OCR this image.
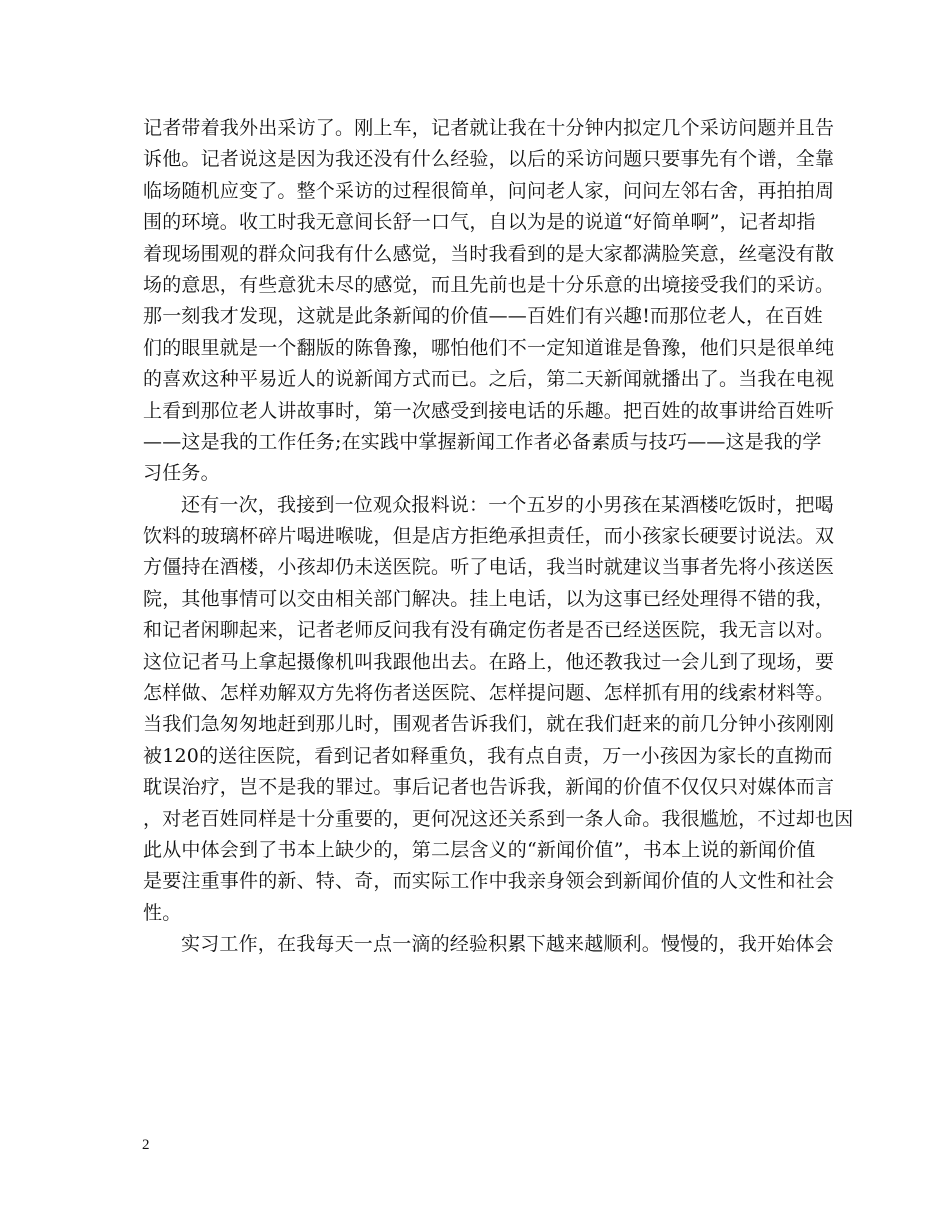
记者带着我外出采访了。刚上车，记者就让我在十分钟内拟定几个采访问题并且告
诉他。记者说这是因为我还没有什么经验，以后的采访问题只要事先有个谱，全靠
临场随机应变了。整个采访的过程很简单，问问老人家，问问左邻右舍，再拍拍周
围的环境。收工时我无意间长舒一口气，自以为是的说道“好简单啊”，记者却指
着现场围观的群众问我有什么感觉，当时我看到的是大家都满脸笑意，丝毫没有散
场的意思，有些意犹未尽的感觉，而且先前也是十分乐意的出境接受我们的采访。
那一刻我才发现，这就是此条新闻的价值——百姓们有兴趣!而那位老人，在百姓
们的眼里就是一个翻版的陈鲁豫，哪怕他们不一定知道谁是鲁豫，他们只是很单纯
的喜欢这种平易近人的说新闻方式而已。之后，第二天新闻就播出了。当我在电视
上看到那位老人讲故事时，第一次感受到接电话的乐趣。把百姓的故事讲给百姓听
——这是我的工作任务;在实践中掌握新闻工作者必备素质与技巧——这是我的学
习任务。
还有一次，我接到一位观众报料说：一个五岁的小男孩在某酒楼吃饭时，把喝
饮料的玻璃杯碎片喝进喉咙，但是店方拒绝承担责任，而小孩家长硬要讨说法。双
方僵持在酒楼，小孩却仍未送医院。听了电话，我当时就建议当事者先将小孩送医
院，其他事情可以交由相关部门解决。挂上电话，以为这事已经处理得不错的我，
和记者闲聊起来，记者老师反问我有没有确定伤者是否已经送医院，我无言以对。
这位记者马上拿起摄像机叫我跟他出去。在路上，他还教我过一会儿到了现场，要
怎样做、怎样劝解双方先将伤者送医院、怎样提问题、怎样抓有用的线索材料等。
当我们急匆匆地赶到那儿时，围观者告诉我们，就在我们赶来的前几分钟小孩刚刚
被120的送往医院，看到记者如释重负，我有点自责，万一小孩因为家长的直拗而
耽误治疗，岂不是我的罪过。事后记者也告诉我，新闻的价值不仅仅只对媒体而言
，对老百姓同样是十分重要的，更何况这还关系到一条人命。我很尴尬，不过却也因
此从中体会到了书本上缺少的，第二层含义的“新闻价值”，书本上说的新闻价值
是要注重事件的新、特、奇，而实际工作中我亲身领会到新闻价值的人文性和社会
性。
实习工作，在我每天一点一滴的经验积累下越来越顺利。慢慢的，我开始体会
2
